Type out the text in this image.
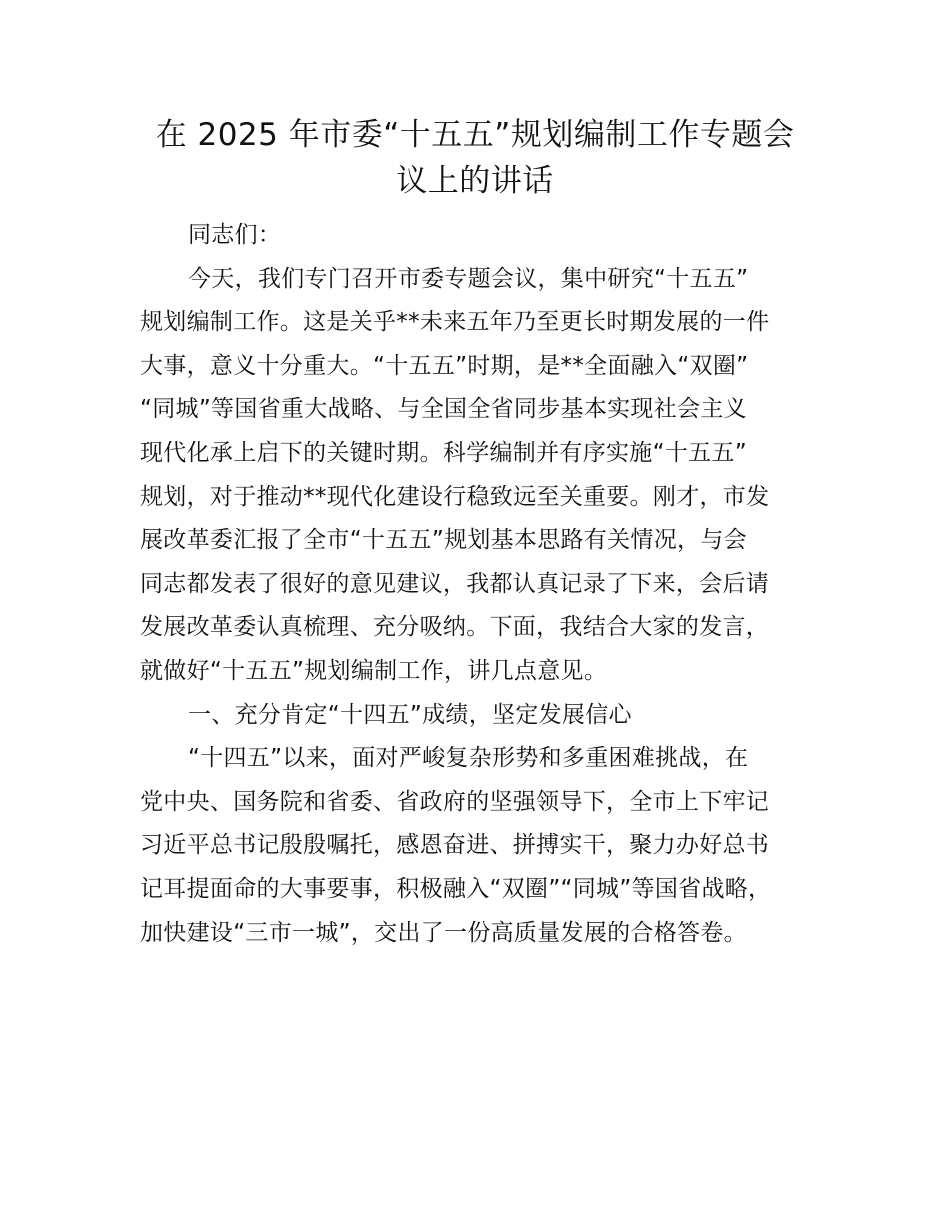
在 2025 年市委“十五五”规划编制工作专题会
议上的讲话

同志们：

今天，我们专门召开市委专题会议，集中研究“十五五”
规划编制工作。这是关乎**未来五年乃至更长时期发展的一件
大事，意义十分重大。“十五五”时期，是**全面融入“双圈”
“同城”等国省重大战略、与全国全省同步基本实现社会主义
现代化承上启下的关键时期。科学编制并有序实施“十五五”
规划，对于推动**现代化建设行稳致远至关重要。刚才，市发
展改革委汇报了全市“十五五”规划基本思路有关情况，与会
同志都发表了很好的意见建议，我都认真记录了下来，会后请
发展改革委认真梳理、充分吸纳。下面，我结合大家的发言，
就做好“十五五”规划编制工作，讲几点意见。

一、充分肯定“十四五”成绩，坚定发展信心

“十四五”以来，面对严峻复杂形势和多重困难挑战，在
党中央、国务院和省委、省政府的坚强领导下，全市上下牢记
习近平总书记殷殷嘱托，感恩奋进、拼搏实干，聚力办好总书
记耳提面命的大事要事，积极融入“双圈”“同城”等国省战略，
加快建设“三市一城”，交出了一份高质量发展的合格答卷。
